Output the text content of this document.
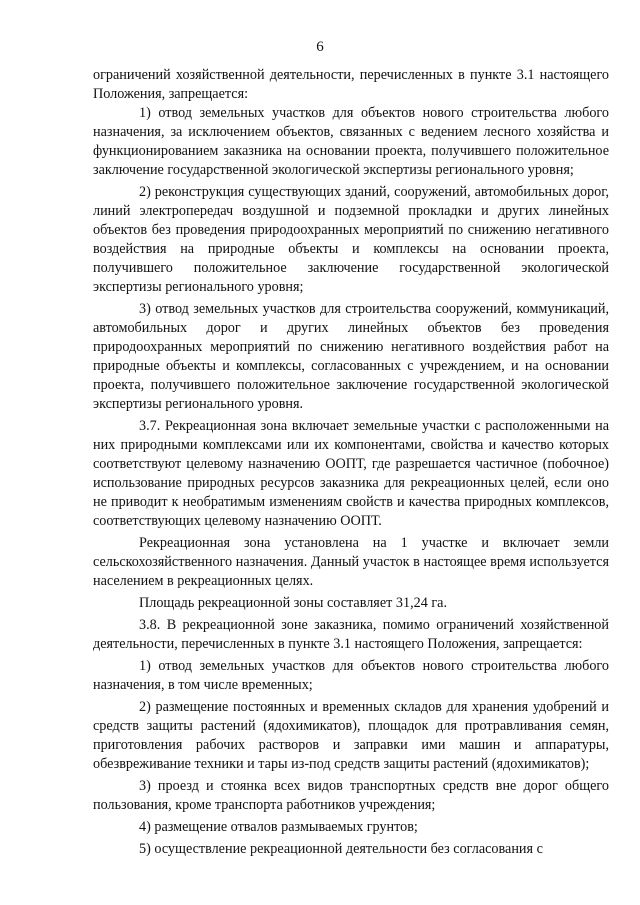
6

ограничений хозяйственной деятельности, перечисленных в пункте 3.1 настоящего Положения, запрещается:

1) отвод земельных участков для объектов нового строительства любого назначения, за исключением объектов, связанных с ведением лесного хозяйства и функционированием заказника на основании проекта, получившего положительное заключение государственной экологической экспертизы регионального уровня;

2) реконструкция существующих зданий, сооружений, автомобильных дорог, линий электропередач воздушной и подземной прокладки и других линейных объектов без проведения природоохранных мероприятий по снижению негативного воздействия на природные объекты и комплексы на основании проекта, получившего положительное заключение государственной экологической экспертизы регионального уровня;

3) отвод земельных участков для строительства сооружений, коммуникаций, автомобильных дорог и других линейных объектов без проведения природоохранных мероприятий по снижению негативного воздействия работ на природные объекты и комплексы, согласованных с учреждением, и на основании проекта, получившего положительное заключение государственной экологической экспертизы регионального уровня.

3.7. Рекреационная зона включает земельные участки с расположенными на них природными комплексами или их компонентами, свойства и качество которых соответствуют целевому назначению ООПТ, где разрешается частичное (побочное) использование природных ресурсов заказника для рекреационных целей, если оно не приводит к необратимым изменениям свойств и качества природных комплексов, соответствующих целевому назначению ООПТ.

Рекреационная зона установлена на 1 участке и включает земли сельскохозяйственного назначения. Данный участок в настоящее время используется населением в рекреационных целях.

Площадь рекреационной зоны составляет 31,24 га.

3.8. В рекреационной зоне заказника, помимо ограничений хозяйственной деятельности, перечисленных в пункте 3.1 настоящего Положения, запрещается:

1) отвод земельных участков для объектов нового строительства любого назначения, в том числе временных;

2) размещение постоянных и временных складов для хранения удобрений и средств защиты растений (ядохимикатов), площадок для протравливания семян, приготовления рабочих растворов и заправки ими машин и аппаратуры, обезвреживание техники и тары из-под средств защиты растений (ядохимикатов);

3) проезд и стоянка всех видов транспортных средств вне дорог общего пользования, кроме транспорта работников учреждения;

4) размещение отвалов размываемых грунтов;

5) осуществление рекреационной деятельности без согласования с
